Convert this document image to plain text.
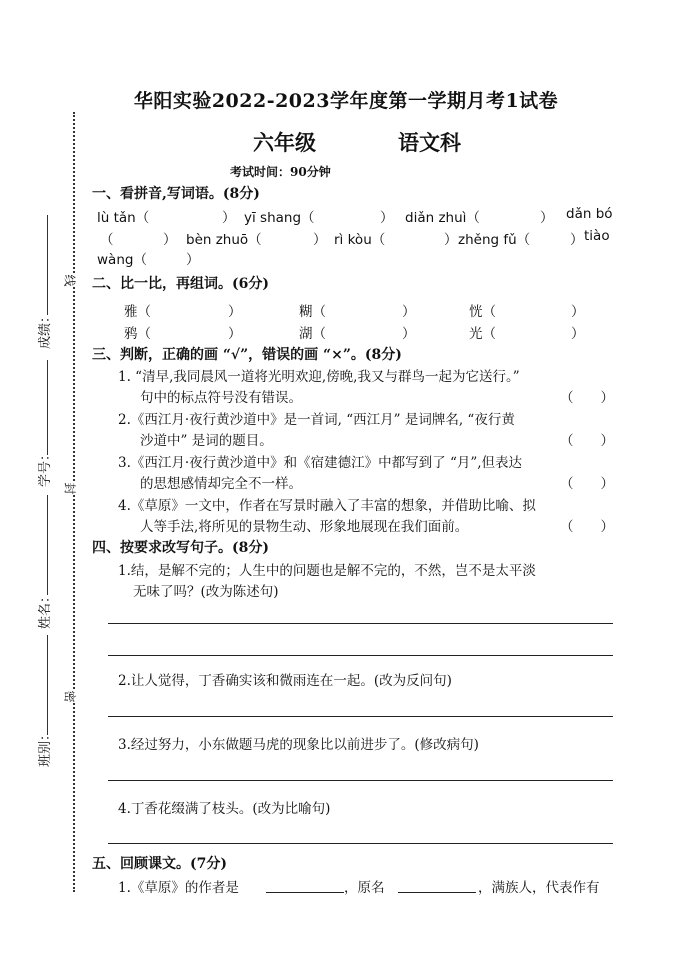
线
封
密
成绩：
学号：
姓名：
班别：
华阳实验2022-2023学年度第一学期月考1试卷
六年级	语文科
考试时间：90分钟
一、看拼音,写词语。(8分)
lù tǎn（	） yī shang（	） diǎn zhuì（	） dǎn bó
（	） bèn zhuō（	） rì kòu（	） zhěng fǔ（	） tiào
wàng（	）
二、比一比，再组词。(6分)
雅（	）	糊（	）	恍（	）
鸦（	）	湖（	）	光（	）
三、判断，正确的画 “√”，错误的画 “×”。(8分)
1. “清早,我同晨风一道将光明欢迎,傍晚,我又与群鸟一起为它送行。”
句中的标点符号没有错误。	（　　）
2.《西江月·夜行黄沙道中》是一首词, “西江月” 是词牌名, “夜行黄
沙道中” 是词的题目。	（　　）
3.《西江月·夜行黄沙道中》和《宿建德江》中都写到了 “月”,但表达
的思想感情却完全不一样。	（　　）
4.《草原》一文中，作者在写景时融入了丰富的想象，并借助比喻、拟
人等手法,将所见的景物生动、形象地展现在我们面前。	（　　）
四、按要求改写句子。(8分)
1.结，是解不完的；人生中的问题也是解不完的，不然，岂不是太平淡
无味了吗？(改为陈述句)
2.让人觉得，丁香确实该和微雨连在一起。(改为反问句)
3.经过努力，小东做题马虎的现象比以前进步了。(修改病句)
4.丁香花缀满了枝头。(改为比喻句)
五、回顾课文。(7分)
1.《草原》的作者是	，原名	，满族人，代表作有
